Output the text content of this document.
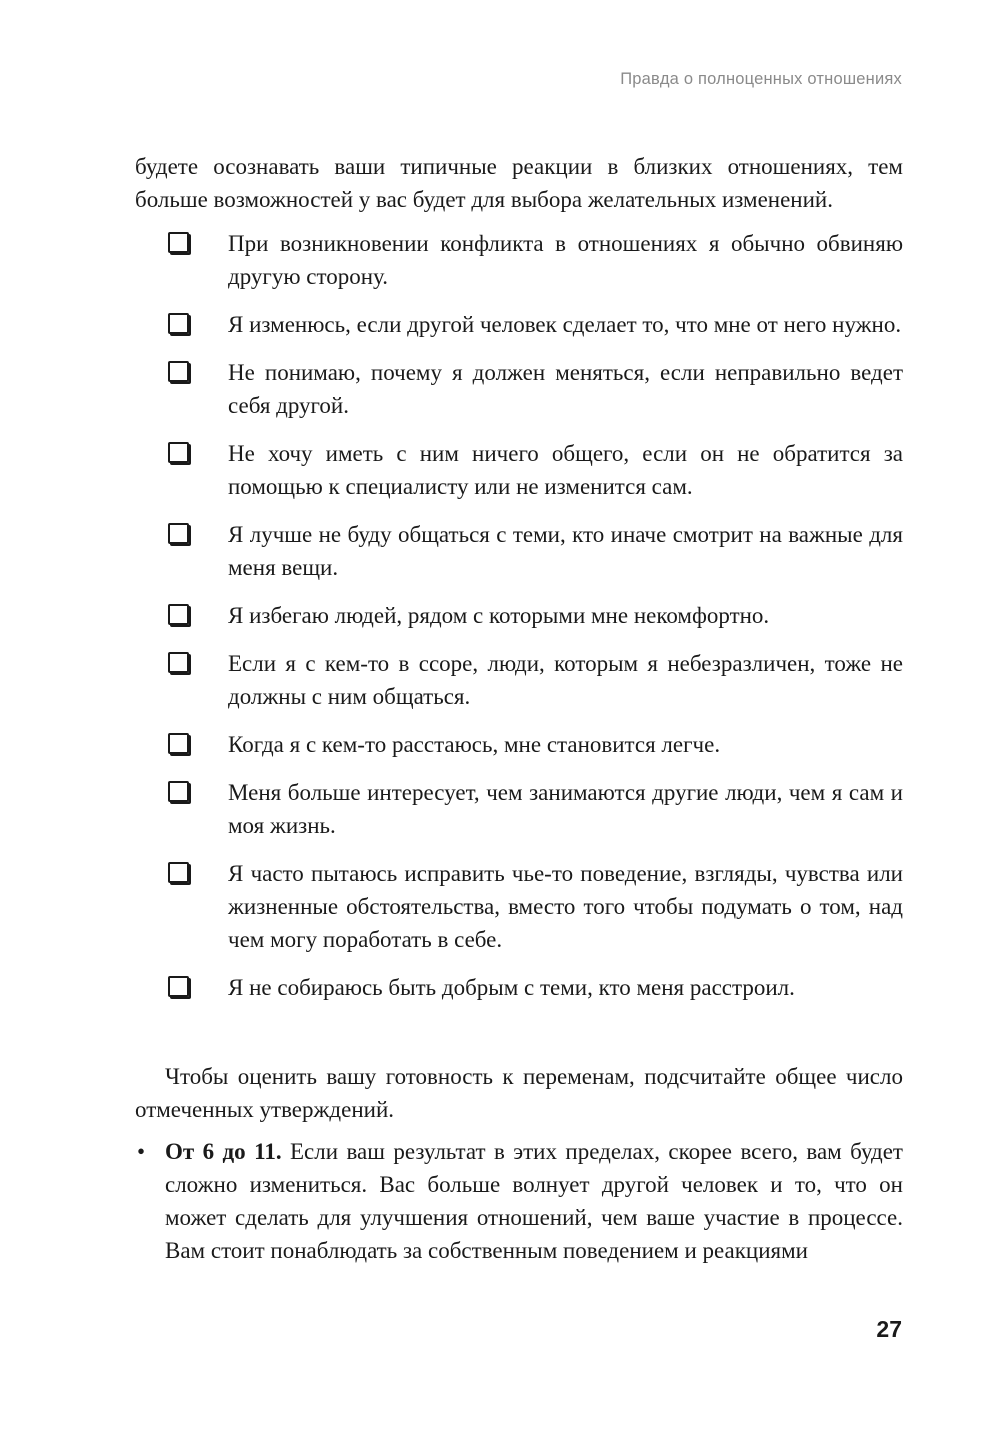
Правда о полноценных отношениях

будете осознавать ваши типичные реакции в близких отношениях, тем больше возможностей у вас будет для выбора желательных изменений.

При возникновении конфликта в отношениях я обычно обвиняю другую сторону.
Я изменюсь, если другой человек сделает то, что мне от него нужно.
Не понимаю, почему я должен меняться, если неправильно ведет себя другой.
Не хочу иметь с ним ничего общего, если он не обратится за помощью к специалисту или не изменится сам.
Я лучше не буду общаться с теми, кто иначе смотрит на важные для меня вещи.
Я избегаю людей, рядом с которыми мне некомфортно.
Если я с кем-то в ссоре, люди, которым я небезразличен, тоже не должны с ним общаться.
Когда я с кем-то расстаюсь, мне становится легче.
Меня больше интересует, чем занимаются другие люди, чем я сам и моя жизнь.
Я часто пытаюсь исправить чье-то поведение, взгляды, чувства или жизненные обстоятельства, вместо того чтобы подумать о том, над чем могу поработать в себе.
Я не собираюсь быть добрым с теми, кто меня расстроил.

Чтобы оценить вашу готовность к переменам, подсчитайте общее число отмеченных утверждений.

• От 6 до 11. Если ваш результат в этих пределах, скорее всего, вам будет сложно измениться. Вас больше волнует другой человек и то, что он может сделать для улучшения отношений, чем ваше участие в процессе. Вам стоит понаблюдать за собственным поведением и реакциями
27
